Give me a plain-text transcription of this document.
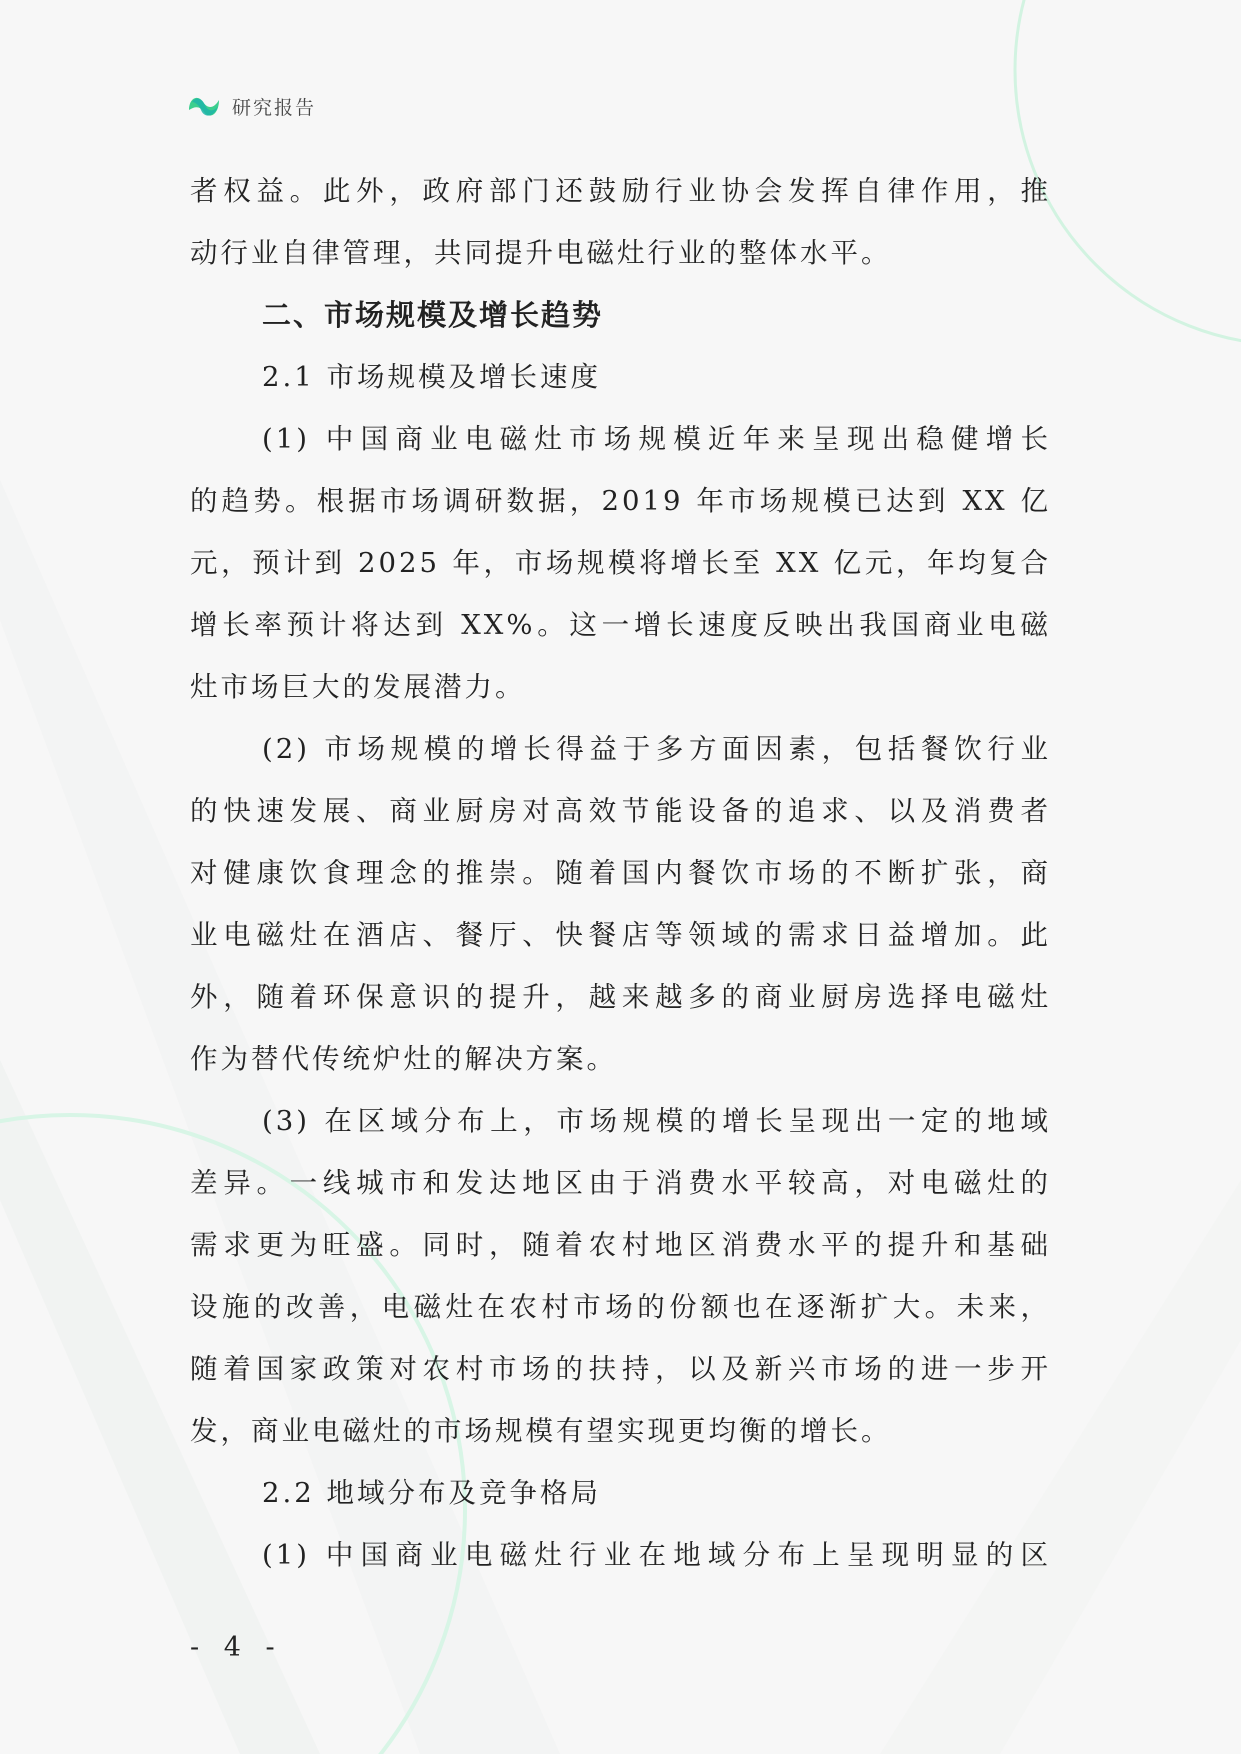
研究报告
者权益。此外，政府部门还鼓励行业协会发挥自律作用，推
动行业自律管理，共同提升电磁灶行业的整体水平。
二、市场规模及增长趋势
2.1 市场规模及增长速度
(1) 中国商业电磁灶市场规模近年来呈现出稳健增长
的趋势。根据市场调研数据，2019 年市场规模已达到 XX 亿
元，预计到 2025 年，市场规模将增长至 XX 亿元，年均复合
增长率预计将达到 XX%。这一增长速度反映出我国商业电磁
灶市场巨大的发展潜力。
(2) 市场规模的增长得益于多方面因素，包括餐饮行业
的快速发展、商业厨房对高效节能设备的追求、以及消费者
对健康饮食理念的推崇。随着国内餐饮市场的不断扩张，商
业电磁灶在酒店、餐厅、快餐店等领域的需求日益增加。此
外，随着环保意识的提升，越来越多的商业厨房选择电磁灶
作为替代传统炉灶的解决方案。
(3) 在区域分布上，市场规模的增长呈现出一定的地域
差异。一线城市和发达地区由于消费水平较高，对电磁灶的
需求更为旺盛。同时，随着农村地区消费水平的提升和基础
设施的改善，电磁灶在农村市场的份额也在逐渐扩大。未来，
随着国家政策对农村市场的扶持，以及新兴市场的进一步开
发，商业电磁灶的市场规模有望实现更均衡的增长。
2.2 地域分布及竞争格局
(1) 中国商业电磁灶行业在地域分布上呈现明显的区
- 4 -
